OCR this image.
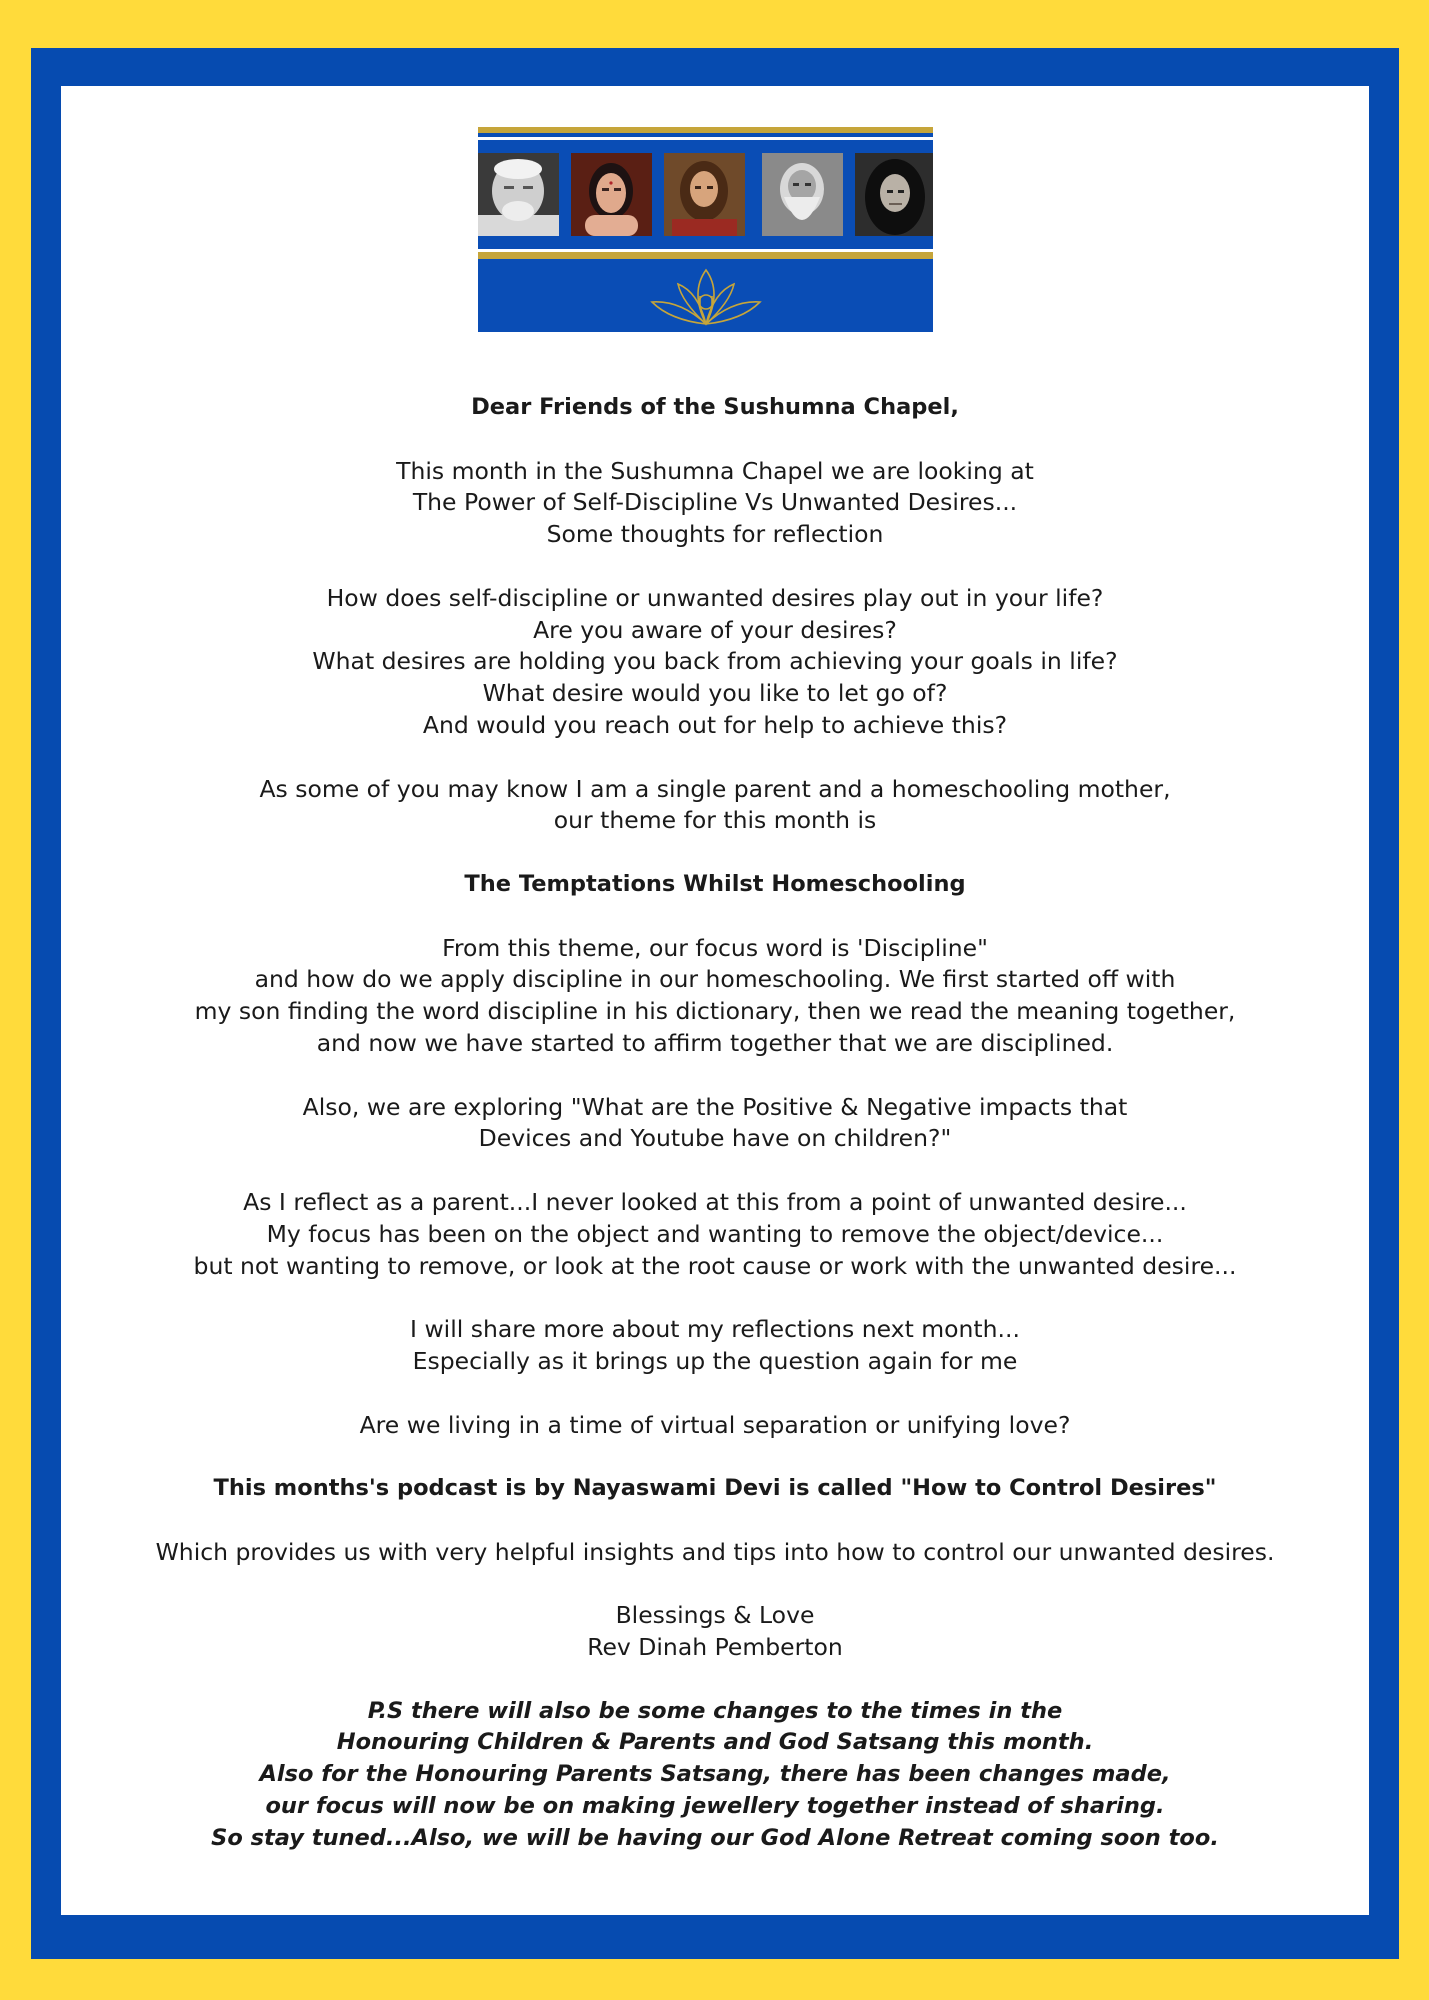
Dear Friends of the Sushumna Chapel,

This month in the Sushumna Chapel we are looking at

The Power of Self-Discipline Vs Unwanted Desires...

Some thoughts for reflection

How does self-discipline or unwanted desires play out in your life?

Are you aware of your desires?

What desires are holding you back from achieving your goals in life?

What desire would you like to let go of?

And would you reach out for help to achieve this?

As some of you may know I am a single parent and a homeschooling mother,

our theme for this month is

The Temptations Whilst Homeschooling

From this theme, our focus word is 'Discipline"

and how do we apply discipline in our homeschooling. We first started off with

my son finding the word discipline in his dictionary, then we read the meaning together,

and now we have started to affirm together that we are disciplined.

Also, we are exploring "What are the Positive & Negative impacts that

Devices and Youtube have on children?"

As I reflect as a parent...I never looked at this from a point of unwanted desire...

My focus has been on the object and wanting to remove the object/device...

but not wanting to remove, or look at the root cause or work with the unwanted desire...

I will share more about my reflections next month...

Especially as it brings up the question again for me

Are we living in a time of virtual separation or unifying love?

This months's podcast is by Nayaswami Devi is called "How to Control Desires"

Which provides us with very helpful insights and tips into how to control our unwanted desires.

Blessings & Love

Rev Dinah Pemberton

P.S there will also be some changes to the times in the

Honouring Children & Parents and God Satsang this month.

Also for the Honouring Parents Satsang, there has been changes made,

our focus will now be on making jewellery together instead of sharing.

So stay tuned...Also, we will be having our God Alone Retreat coming soon too.
